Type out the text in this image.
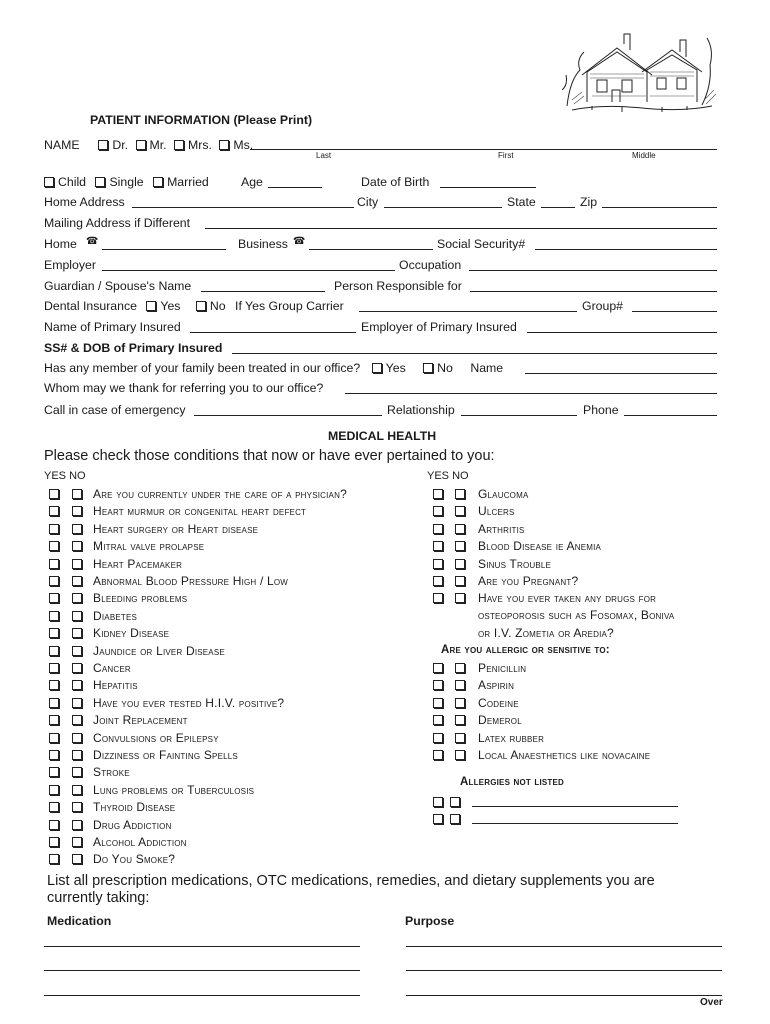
PATIENT INFORMATION (Please Print)
NAME	Dr. Mr. Mrs. Ms.
Last	First	Middle
Child Single Married	Age	Date of Birth
Home Address	City	State	Zip
Mailing Address if Different
Home ☎	Business ☎	Social Security#
Employer	Occupation
Guardian / Spouse's Name	Person Responsible for
Dental Insurance Yes No If Yes Group Carrier	Group#
Name of Primary Insured	Employer of Primary Insured
SS# & DOB of Primary Insured
Has any member of your family been treated in our office? Yes	No Name
Whom may we thank for referring you to our office?
Call in case of emergency	Relationship	Phone
MEDICAL HEALTH
Please check those conditions that now or have ever pertained to you:
YES NO	YES NO
Are you currently under the care of a physician?
Heart murmur or congenital heart defect
Heart surgery or Heart disease
Mitral valve prolapse
Heart Pacemaker
Abnormal Blood Pressure High / Low
Bleeding problems
Diabetes
Kidney Disease
Jaundice or Liver Disease
Cancer
Hepatitis
Have you ever tested H.I.V. positive?
Joint Replacement
Convulsions or Epilepsy
Dizziness or Fainting Spells
Stroke
Lung problems or Tuberculosis
Thyroid Disease
Drug Addiction
Alcohol Addiction
Do You Smoke?
Glaucoma
Ulcers
Arthritis
Blood Disease ie Anemia
Sinus Trouble
Are you Pregnant?
Have you ever taken any drugs for
osteoporosis such as Fosomax, Boniva
or I.V. Zometia or Aredia?
Are you allergic or sensitive to:
Penicillin
Aspirin
Codeine
Demerol
Latex rubber
Local Anaesthetics like novacaine
Allergies not listed
List all prescription medications, OTC medications, remedies, and dietary supplements you are
currently taking:
Medication	Purpose
Over
